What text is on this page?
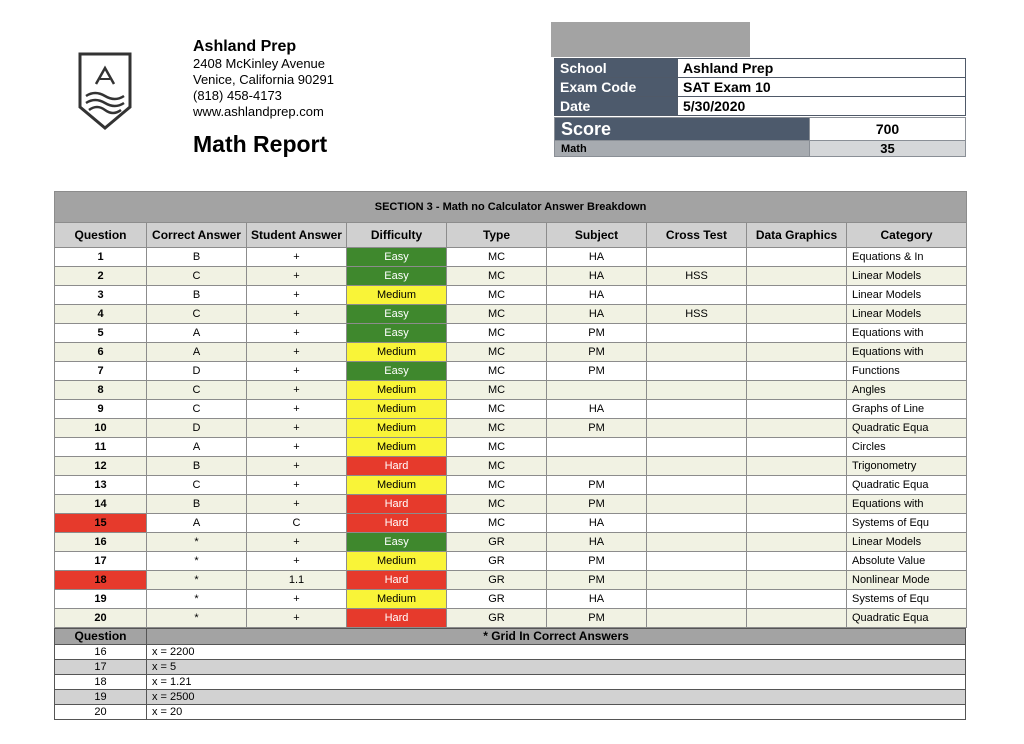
Ashland Prep
2408 McKinley Avenue
Venice, California 90291
(818) 458-4173
www.ashlandprep.com
Math Report
School	Ashland Prep
Exam Code	SAT Exam 10
Date	5/30/2020
Score	700
Math	35
SECTION 3 - Math no Calculator Answer Breakdown								
Question	Correct Answer	Student Answer	Difficulty	Type	Subject	Cross Test	Data Graphics	Category
1	B	+	Easy	MC	HA			Equations & In
2	C	+	Easy	MC	HA	HSS		Linear Models
3	B	+	Medium	MC	HA			Linear Models
4	C	+	Easy	MC	HA	HSS		Linear Models
5	A	+	Easy	MC	PM			Equations with
6	A	+	Medium	MC	PM			Equations with
7	D	+	Easy	MC	PM			Functions
8	C	+	Medium	MC				Angles
9	C	+	Medium	MC	HA			Graphs of Line
10	D	+	Medium	MC	PM			Quadratic Equa
11	A	+	Medium	MC				Circles
12	B	+	Hard	MC				Trigonometry
13	C	+	Medium	MC	PM			Quadratic Equa
14	B	+	Hard	MC	PM			Equations with
15	A	C	Hard	MC	HA			Systems of Equ
16	*	+	Easy	GR	HA			Linear Models
17	*	+	Medium	GR	PM			Absolute Value
18	*	1.1	Hard	GR	PM			Nonlinear Mode
19	*	+	Medium	GR	HA			Systems of Equ
20	*	+	Hard	GR	PM			Quadratic Equa
Question	* Grid In Correct Answers
16	x = 2200
17	x = 5
18	x = 1.21
19	x = 2500
20	x = 20
